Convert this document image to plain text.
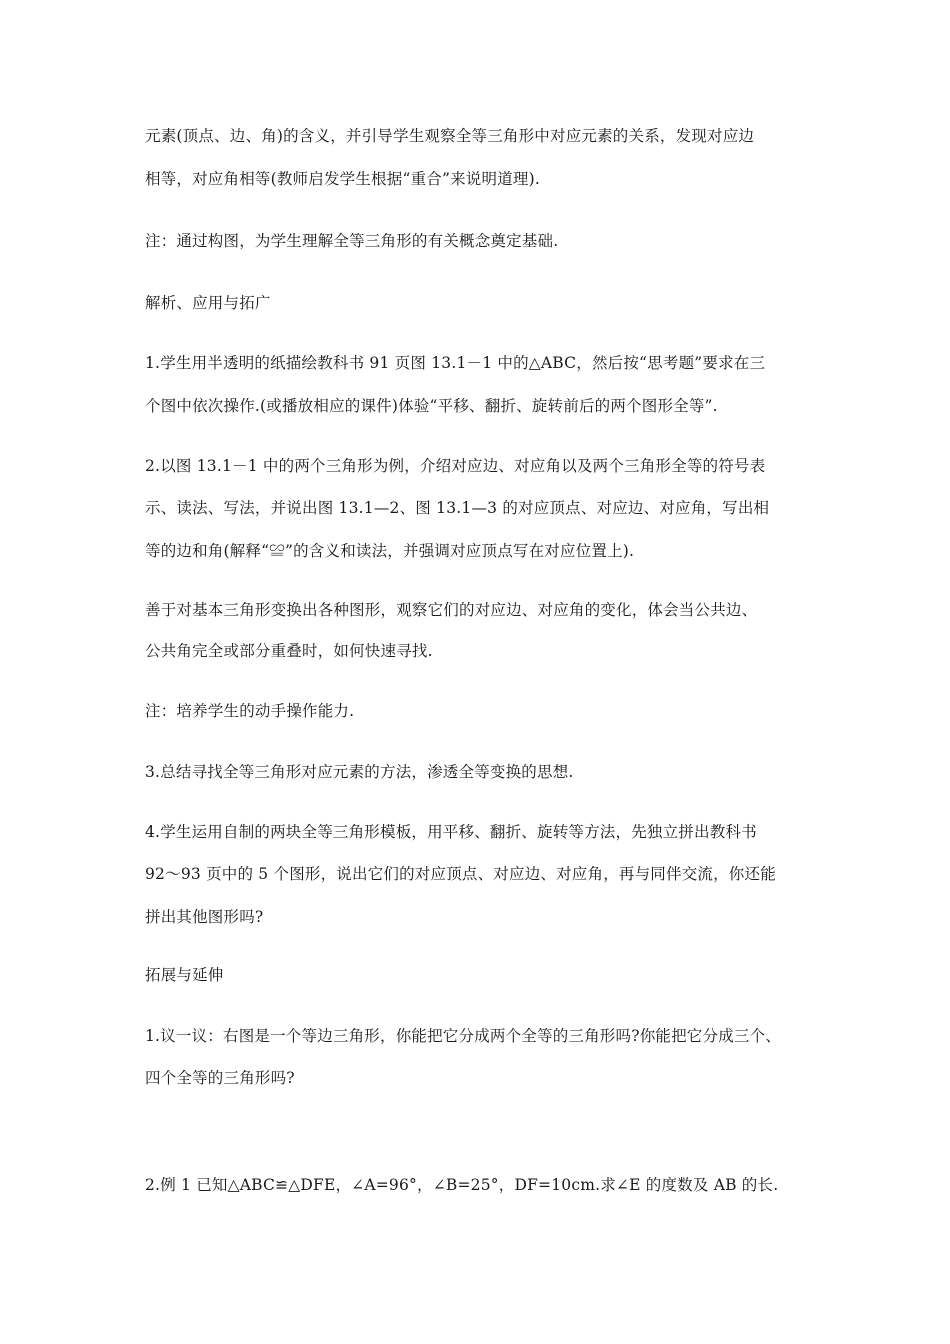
元素(顶点、边、角)的含义，并引导学生观察全等三角形中对应元素的关系，发现对应边
相等，对应角相等(教师启发学生根据“重合”来说明道理).
注：通过构图，为学生理解全等三角形的有关概念奠定基础.
解析、应用与拓广
1.学生用半透明的纸描绘教科书 91 页图 13.1－1 中的△ABC，然后按“思考题”要求在三
个图中依次操作.(或播放相应的课件)体验“平移、翻折、旋转前后的两个图形全等”.
2.以图 13.1－1 中的两个三角形为例，介绍对应边、对应角以及两个三角形全等的符号表
示、读法、写法，并说出图 13.1—2、图 13.1—3 的对应顶点、对应边、对应角，写出相
等的边和角(解释“≌”的含义和读法，并强调对应顶点写在对应位置上).
善于对基本三角形变换出各种图形，观察它们的对应边、对应角的变化，体会当公共边、
公共角完全或部分重叠时，如何快速寻找.
注：培养学生的动手操作能力.
3.总结寻找全等三角形对应元素的方法，渗透全等变换的思想.
4.学生运用自制的两块全等三角形模板，用平移、翻折、旋转等方法，先独立拼出教科书
92～93 页中的 5 个图形，说出它们的对应顶点、对应边、对应角，再与同伴交流，你还能
拼出其他图形吗?
拓展与延伸
1.议一议：右图是一个等边三角形，你能把它分成两个全等的三角形吗?你能把它分成三个、
四个全等的三角形吗?
2.例 1 已知△ABC≌△DFE，∠A=96°，∠B=25°，DF=10cm.求∠E 的度数及 AB 的长.
